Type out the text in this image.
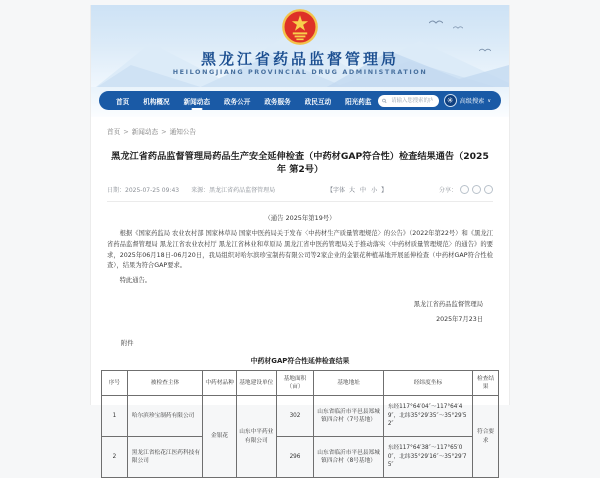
黑龙江省药品监督管理局
HEILONGJIANG PROVINCIAL DRUG ADMINISTRATION
首页 机构概况 新闻动态 政务公开 政务服务 政民互动 阳光药监
请输入您搜索的内容	✳ 高级搜索 ∨
首页 > 新闻动态 > 通知公告
黑龙江省药品监督管理局药品生产安全延伸检查（中药材GAP符合性）检查结果通告（2025年 第2号）
日期：2025-07-25 09:43 来源：黑龙江省药品监督管理局	【字体 大 中 小 】	分享：
（通告 2025年第19号）
根据《国家药监局 农业农村部 国家林草局 国家中医药局关于发布〈中药材生产质量管理规范〉的公告》（2022年第22号）和《黑龙江省药品监督管理局 黑龙江省农业农村厅 黑龙江省林业和草原局 黑龙江省中医药管理局关于推动落实〈中药材质量管理规范〉的通告》的要求，2025年06月18日-06月20日，我局组织对哈尔滨珍宝制药有限公司等2家企业的金银花种植基地开展延伸检查（中药材GAP符合性检查），结果为符合GAP要求。
特此通告。
黑龙江省药品监督管理局
2025年7月23日
附件
中药材GAP符合性延伸检查结果
序号	被检查主体	中药材品种	基地建设单位	基地面积（亩）	基地地址	经纬度坐标	检查结果
1	哈尔滨珍宝制药有限公司	金银花	山东中平药业有限公司	302	山东省临沂市平邑县郑城镇四合村（7号基地）	东经117°64′04″～117°64′49″，北纬35°29′35″～35°29′52″	符合要求
2	黑龙江省松花江医药科技有限公司			296	山东省临沂市平邑县郑城镇四合村（8号基地）	东经117°64′38″～117°65′00″，北纬35°29′16″～35°29′75″	
